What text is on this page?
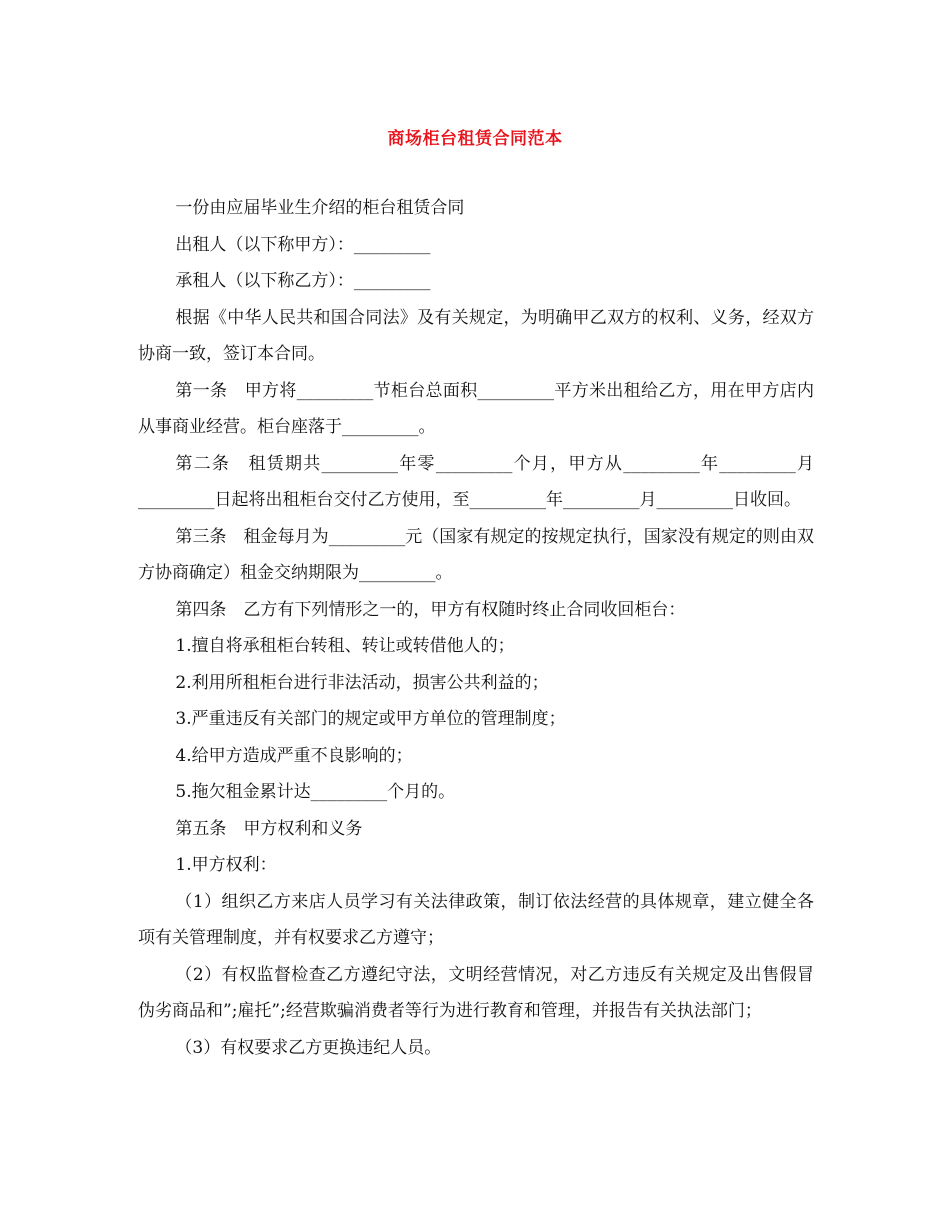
商场柜台租赁合同范本

一份由应届毕业生介绍的柜台租赁合同

出租人（以下称甲方）：_________

承租人（以下称乙方）：_________

根据《中华人民共和国合同法》及有关规定，为明确甲乙双方的权利、义务，经双方协商一致，签订本合同。

第一条　甲方将_________节柜台总面积_________平方米出租给乙方，用在甲方店内从事商业经营。柜台座落于_________。

第二条　租赁期共_________年零_________个月，甲方从_________年_________月_________日起将出租柜台交付乙方使用，至_________年_________月_________日收回。

第三条　租金每月为_________元（国家有规定的按规定执行，国家没有规定的则由双方协商确定）租金交纳期限为_________。

第四条　乙方有下列情形之一的，甲方有权随时终止合同收回柜台：

1.擅自将承租柜台转租、转让或转借他人的；

2.利用所租柜台进行非法活动，损害公共利益的；

3.严重违反有关部门的规定或甲方单位的管理制度；

4.给甲方造成严重不良影响的；

5.拖欠租金累计达_________个月的。

第五条　甲方权利和义务

1.甲方权利：

（1）组织乙方来店人员学习有关法律政策，制订依法经营的具体规章，建立健全各项有关管理制度，并有权要求乙方遵守；

（2）有权监督检查乙方遵纪守法，文明经营情况，对乙方违反有关规定及出售假冒伪劣商品和”;雇托”;经营欺骗消费者等行为进行教育和管理，并报告有关执法部门；

（3）有权要求乙方更换违纪人员。
